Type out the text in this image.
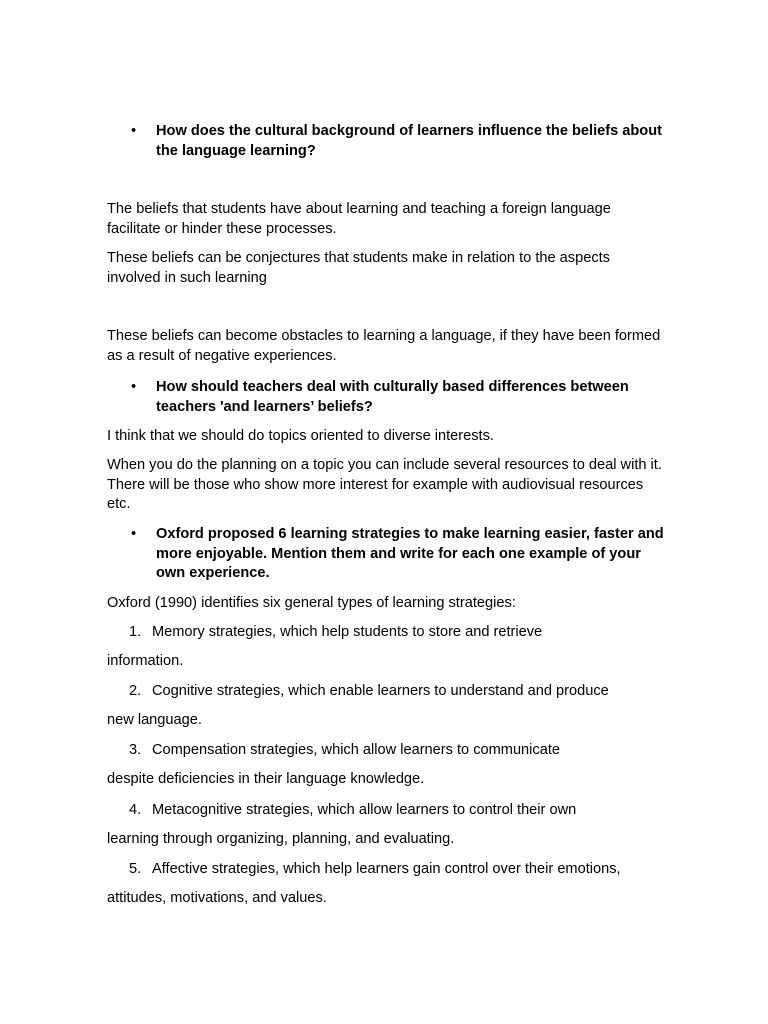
• How does the cultural background of learners influence the beliefs about the language learning?

The beliefs that students have about learning and teaching a foreign language facilitate or hinder these processes.

These beliefs can be conjectures that students make in relation to the aspects involved in such learning

These beliefs can become obstacles to learning a language, if they have been formed as a result of negative experiences.

• How should teachers deal with culturally based differences between teachers 'and learners’ beliefs?

I think that we should do topics oriented to diverse interests.

When you do the planning on a topic you can include several resources to deal with it. There will be those who show more interest for example with audiovisual resources etc.

• Oxford proposed 6 learning strategies to make learning easier, faster and more enjoyable. Mention them and write for each one example of your own experience.

Oxford (1990) identifies six general types of learning strategies:

1. Memory strategies, which help students to store and retrieve
information.
2. Cognitive strategies, which enable learners to understand and produce
new language.
3. Compensation strategies, which allow learners to communicate
despite deficiencies in their language knowledge.
4. Metacognitive strategies, which allow learners to control their own
learning through organizing, planning, and evaluating.
5. Affective strategies, which help learners gain control over their emotions,
attitudes, motivations, and values.
